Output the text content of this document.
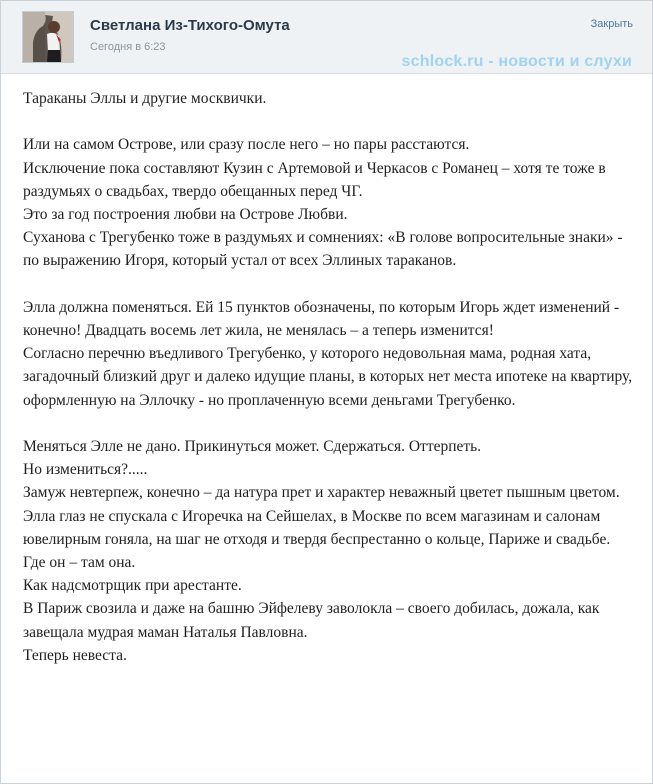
Светлана Из-Тихого-Омута
Сегодня в 6:23
Закрыть
schlock.ru - новости и слухи

Тараканы Эллы и другие москвички.

Или на самом Острове, или сразу после него – но пары расстаются.

Исключение пока составляют Кузин с Артемовой и Черкасов с Романец – хотя те тоже в раздумьях о свадьбах, твердо обещанных перед ЧГ.

Это за год построения любви на Острове Любви.

Суханова с Трегубенко тоже в раздумьях и сомнениях: «В голове вопросительные знаки» - по выражению Игоря, который устал от всех Эллиных тараканов.

Элла должна поменяться. Ей 15 пунктов обозначены, по которым Игорь ждет изменений - конечно! Двадцать восемь лет жила, не менялась – а теперь изменится!

Согласно перечню въедливого Трегубенко, у которого недовольная мама, родная хата, загадочный близкий друг и далеко идущие планы, в которых нет места ипотеке на квартиру, оформленную на Эллочку - но проплаченную всеми деньгами Трегубенко.

Меняться Элле не дано. Прикинуться может. Сдержаться. Оттерпеть.

Но измениться?.....

Замуж невтерпеж, конечно – да натура прет и характер неважный цветет пышным цветом.

Элла глаз не спускала с Игоречка на Сейшелах, в Москве по всем магазинам и салонам ювелирным гоняла, на шаг не отходя и твердя беспрестанно о кольце, Париже и свадьбе.

Где он – там она.

Как надсмотрщик при арестанте.

В Париж свозила и даже на башню Эйфелеву заволокла – своего добилась, дожала, как завещала мудрая маман Наталья Павловна.

Теперь невеста.
